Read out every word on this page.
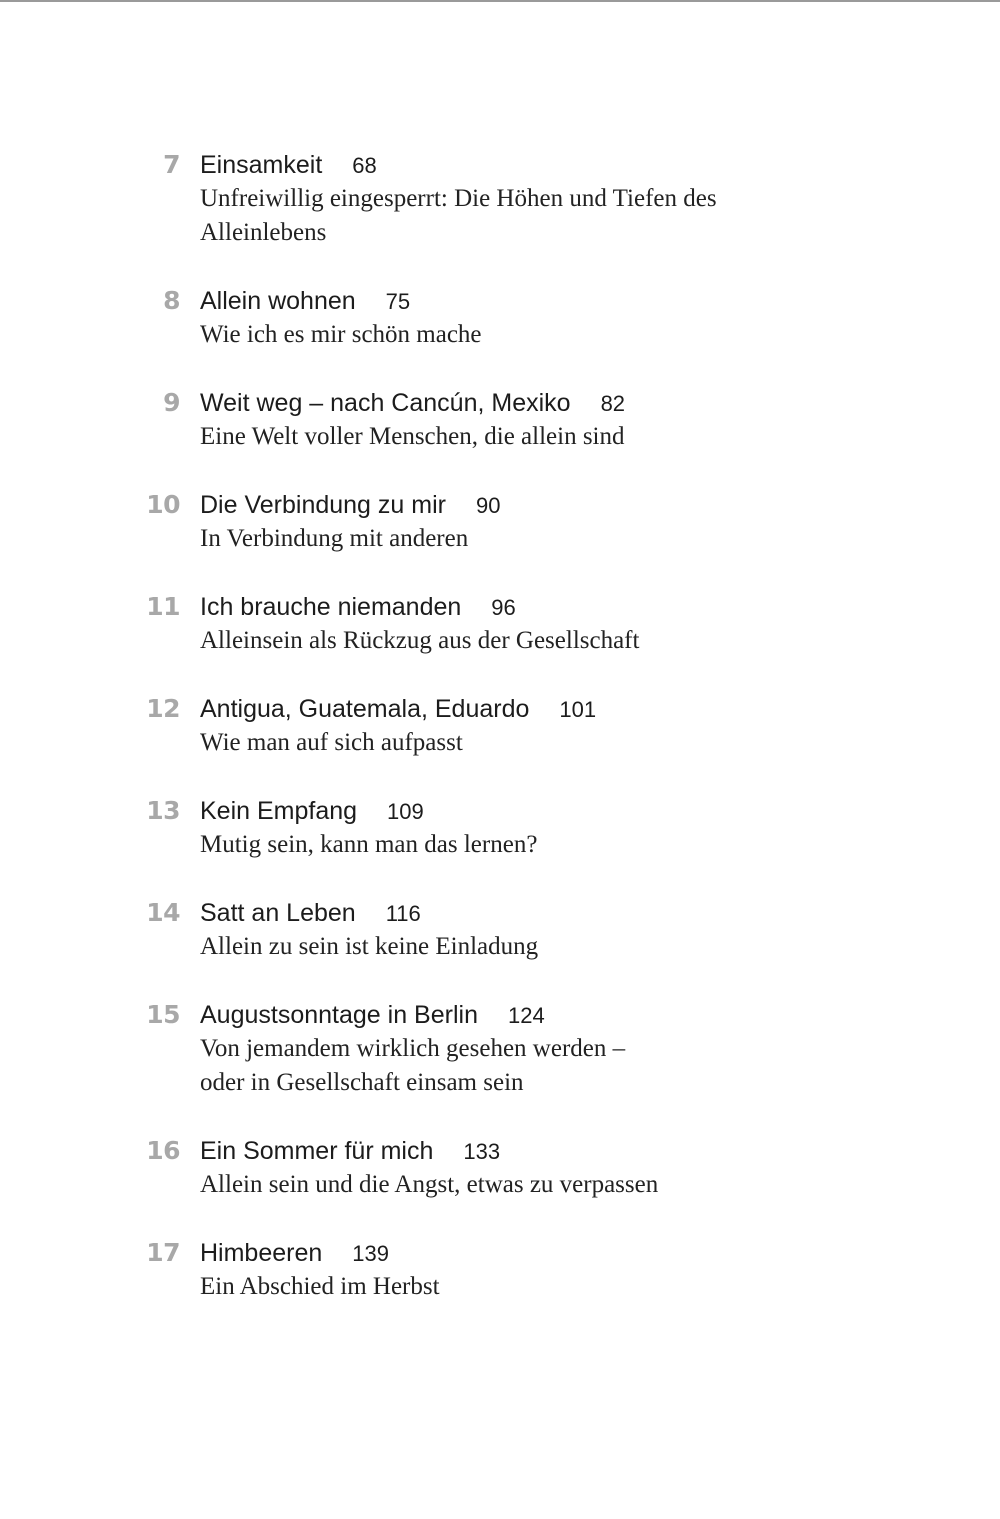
7 Einsamkeit 68
Unfreiwillig eingesperrt: Die Höhen und Tiefen des Alleinlebens
8 Allein wohnen 75
Wie ich es mir schön mache
9 Weit weg – nach Cancún, Mexiko 82
Eine Welt voller Menschen, die allein sind
10 Die Verbindung zu mir 90
In Verbindung mit anderen
11 Ich brauche niemanden 96
Alleinsein als Rückzug aus der Gesellschaft
12 Antigua, Guatemala, Eduardo 101
Wie man auf sich aufpasst
13 Kein Empfang 109
Mutig sein, kann man das lernen?
14 Satt an Leben 116
Allein zu sein ist keine Einladung
15 Augustsonntage in Berlin 124
Von jemandem wirklich gesehen werden – oder in Gesellschaft einsam sein
16 Ein Sommer für mich 133
Allein sein und die Angst, etwas zu verpassen
17 Himbeeren 139
Ein Abschied im Herbst
